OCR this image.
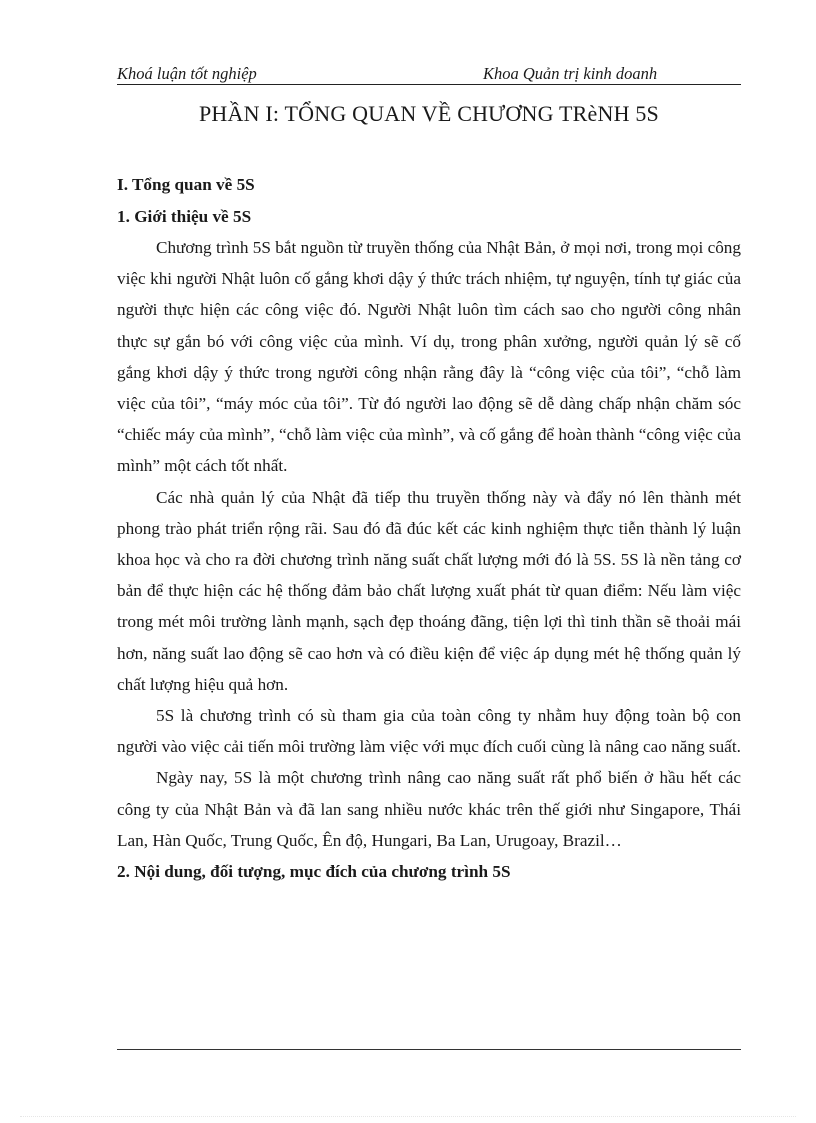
Khoá luận tốt nghiệp	Khoa Quản trị kinh doanh
PHẦN I: TỔNG QUAN VỀ CHƯƠNG TRèNH 5S

I. Tổng quan về 5S

1. Giới thiệu về 5S

Chương trình 5S bắt nguồn từ truyền thống của Nhật Bản, ở mọi nơi, trong mọi công việc khi người Nhật luôn cố gắng khơi dậy ý thức trách nhiệm, tự nguyện, tính tự giác của người thực hiện các công việc đó. Người Nhật luôn tìm cách sao cho người công nhân thực sự gắn bó với công việc của mình. Ví dụ, trong phân xưởng, người quản lý sẽ cố gắng khơi dậy ý thức trong người công nhận rằng đây là “công việc của tôi”, “chỗ làm việc của tôi”, “máy móc của tôi”. Từ đó người lao động sẽ dễ dàng chấp nhận chăm sóc “chiếc máy của mình”, “chỗ làm việc của mình”, và cố gắng để hoàn thành “công việc của mình” một cách tốt nhất.

Các nhà quản lý của Nhật đã tiếp thu truyền thống này và đẩy nó lên thành mét phong trào phát triển rộng rãi. Sau đó đã đúc kết các kinh nghiệm thực tiễn thành lý luận khoa học và cho ra đời chương trình năng suất chất lượng mới đó là 5S. 5S là nền tảng cơ bản để thực hiện các hệ thống đảm bảo chất lượng xuất phát từ quan điểm: Nếu làm việc trong mét môi trường lành mạnh, sạch đẹp thoáng đãng, tiện lợi thì tinh thần sẽ thoải mái hơn, năng suất lao động sẽ cao hơn và có điều kiện để việc áp dụng mét hệ thống quản lý chất lượng hiệu quả hơn.

5S là chương trình có sù tham gia của toàn công ty nhằm huy động toàn bộ con người vào việc cải tiến môi trường làm việc với mục đích cuối cùng là nâng cao năng suất.

Ngày nay, 5S là một chương trình nâng cao năng suất rất phổ biến ở hầu hết các công ty của Nhật Bản và đã lan sang nhiều nước khác trên thế giới như Singapore, Thái Lan, Hàn Quốc, Trung Quốc, Ên độ, Hungari, Ba Lan, Urugoay, Brazil…

2. Nội dung, đối tượng, mục đích của chương trình 5S
